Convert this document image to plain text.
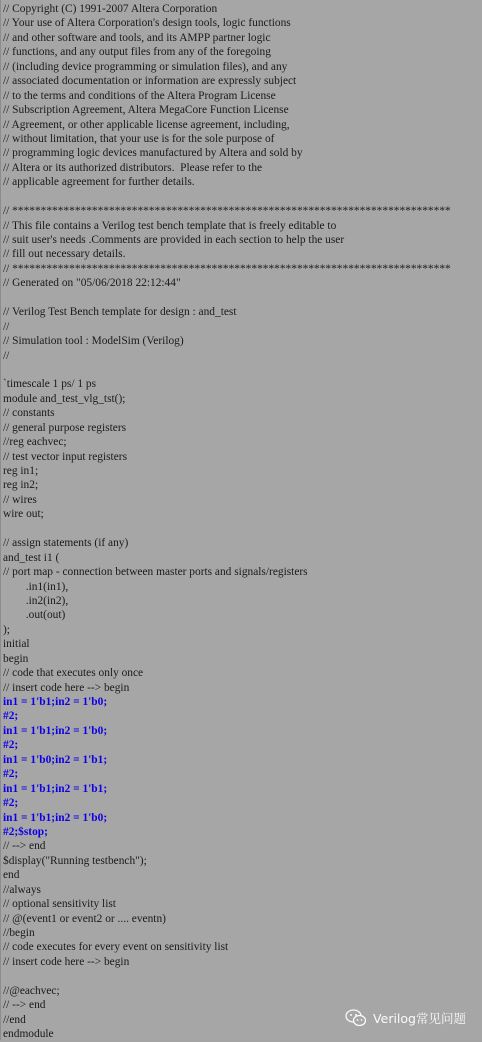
// Copyright (C) 1991-2007 Altera Corporation
// Your use of Altera Corporation's design tools, logic functions
// and other software and tools, and its AMPP partner logic
// functions, and any output files from any of the foregoing
// (including device programming or simulation files), and any
// associated documentation or information are expressly subject
// to the terms and conditions of the Altera Program License
// Subscription Agreement, Altera MegaCore Function License
// Agreement, or other applicable license agreement, including,
// without limitation, that your use is for the sole purpose of
// programming logic devices manufactured by Altera and sold by
// Altera or its authorized distributors.  Please refer to the
// applicable agreement for further details.
// *****************************************************************************
// This file contains a Verilog test bench template that is freely editable to
// suit user's needs .Comments are provided in each section to help the user
// fill out necessary details.
// *****************************************************************************
// Generated on "05/06/2018 22:12:44"
// Verilog Test Bench template for design : and_test
//
// Simulation tool : ModelSim (Verilog)
//
`timescale 1 ps/ 1 ps
module and_test_vlg_tst();
// constants
// general purpose registers
//reg eachvec;
// test vector input registers
reg in1;
reg in2;
// wires
wire out;
// assign statements (if any)
and_test i1 (
// port map - connection between master ports and signals/registers
.in1(in1),
.in2(in2),
.out(out)
);
initial
begin
// code that executes only once
// insert code here --> begin
in1 = 1'b1;in2 = 1'b0;
#2;
in1 = 1'b1;in2 = 1'b0;
#2;
in1 = 1'b0;in2 = 1'b1;
#2;
in1 = 1'b1;in2 = 1'b1;
#2;
in1 = 1'b1;in2 = 1'b0;
#2;$stop;
// --> end
$display("Running testbench");
end
//always
// optional sensitivity list
// @(event1 or event2 or .... eventn)
//begin
// code executes for every event on sensitivity list
// insert code here --> begin
//@eachvec;
// --> end
//end
endmodule
Verilog常见问题
